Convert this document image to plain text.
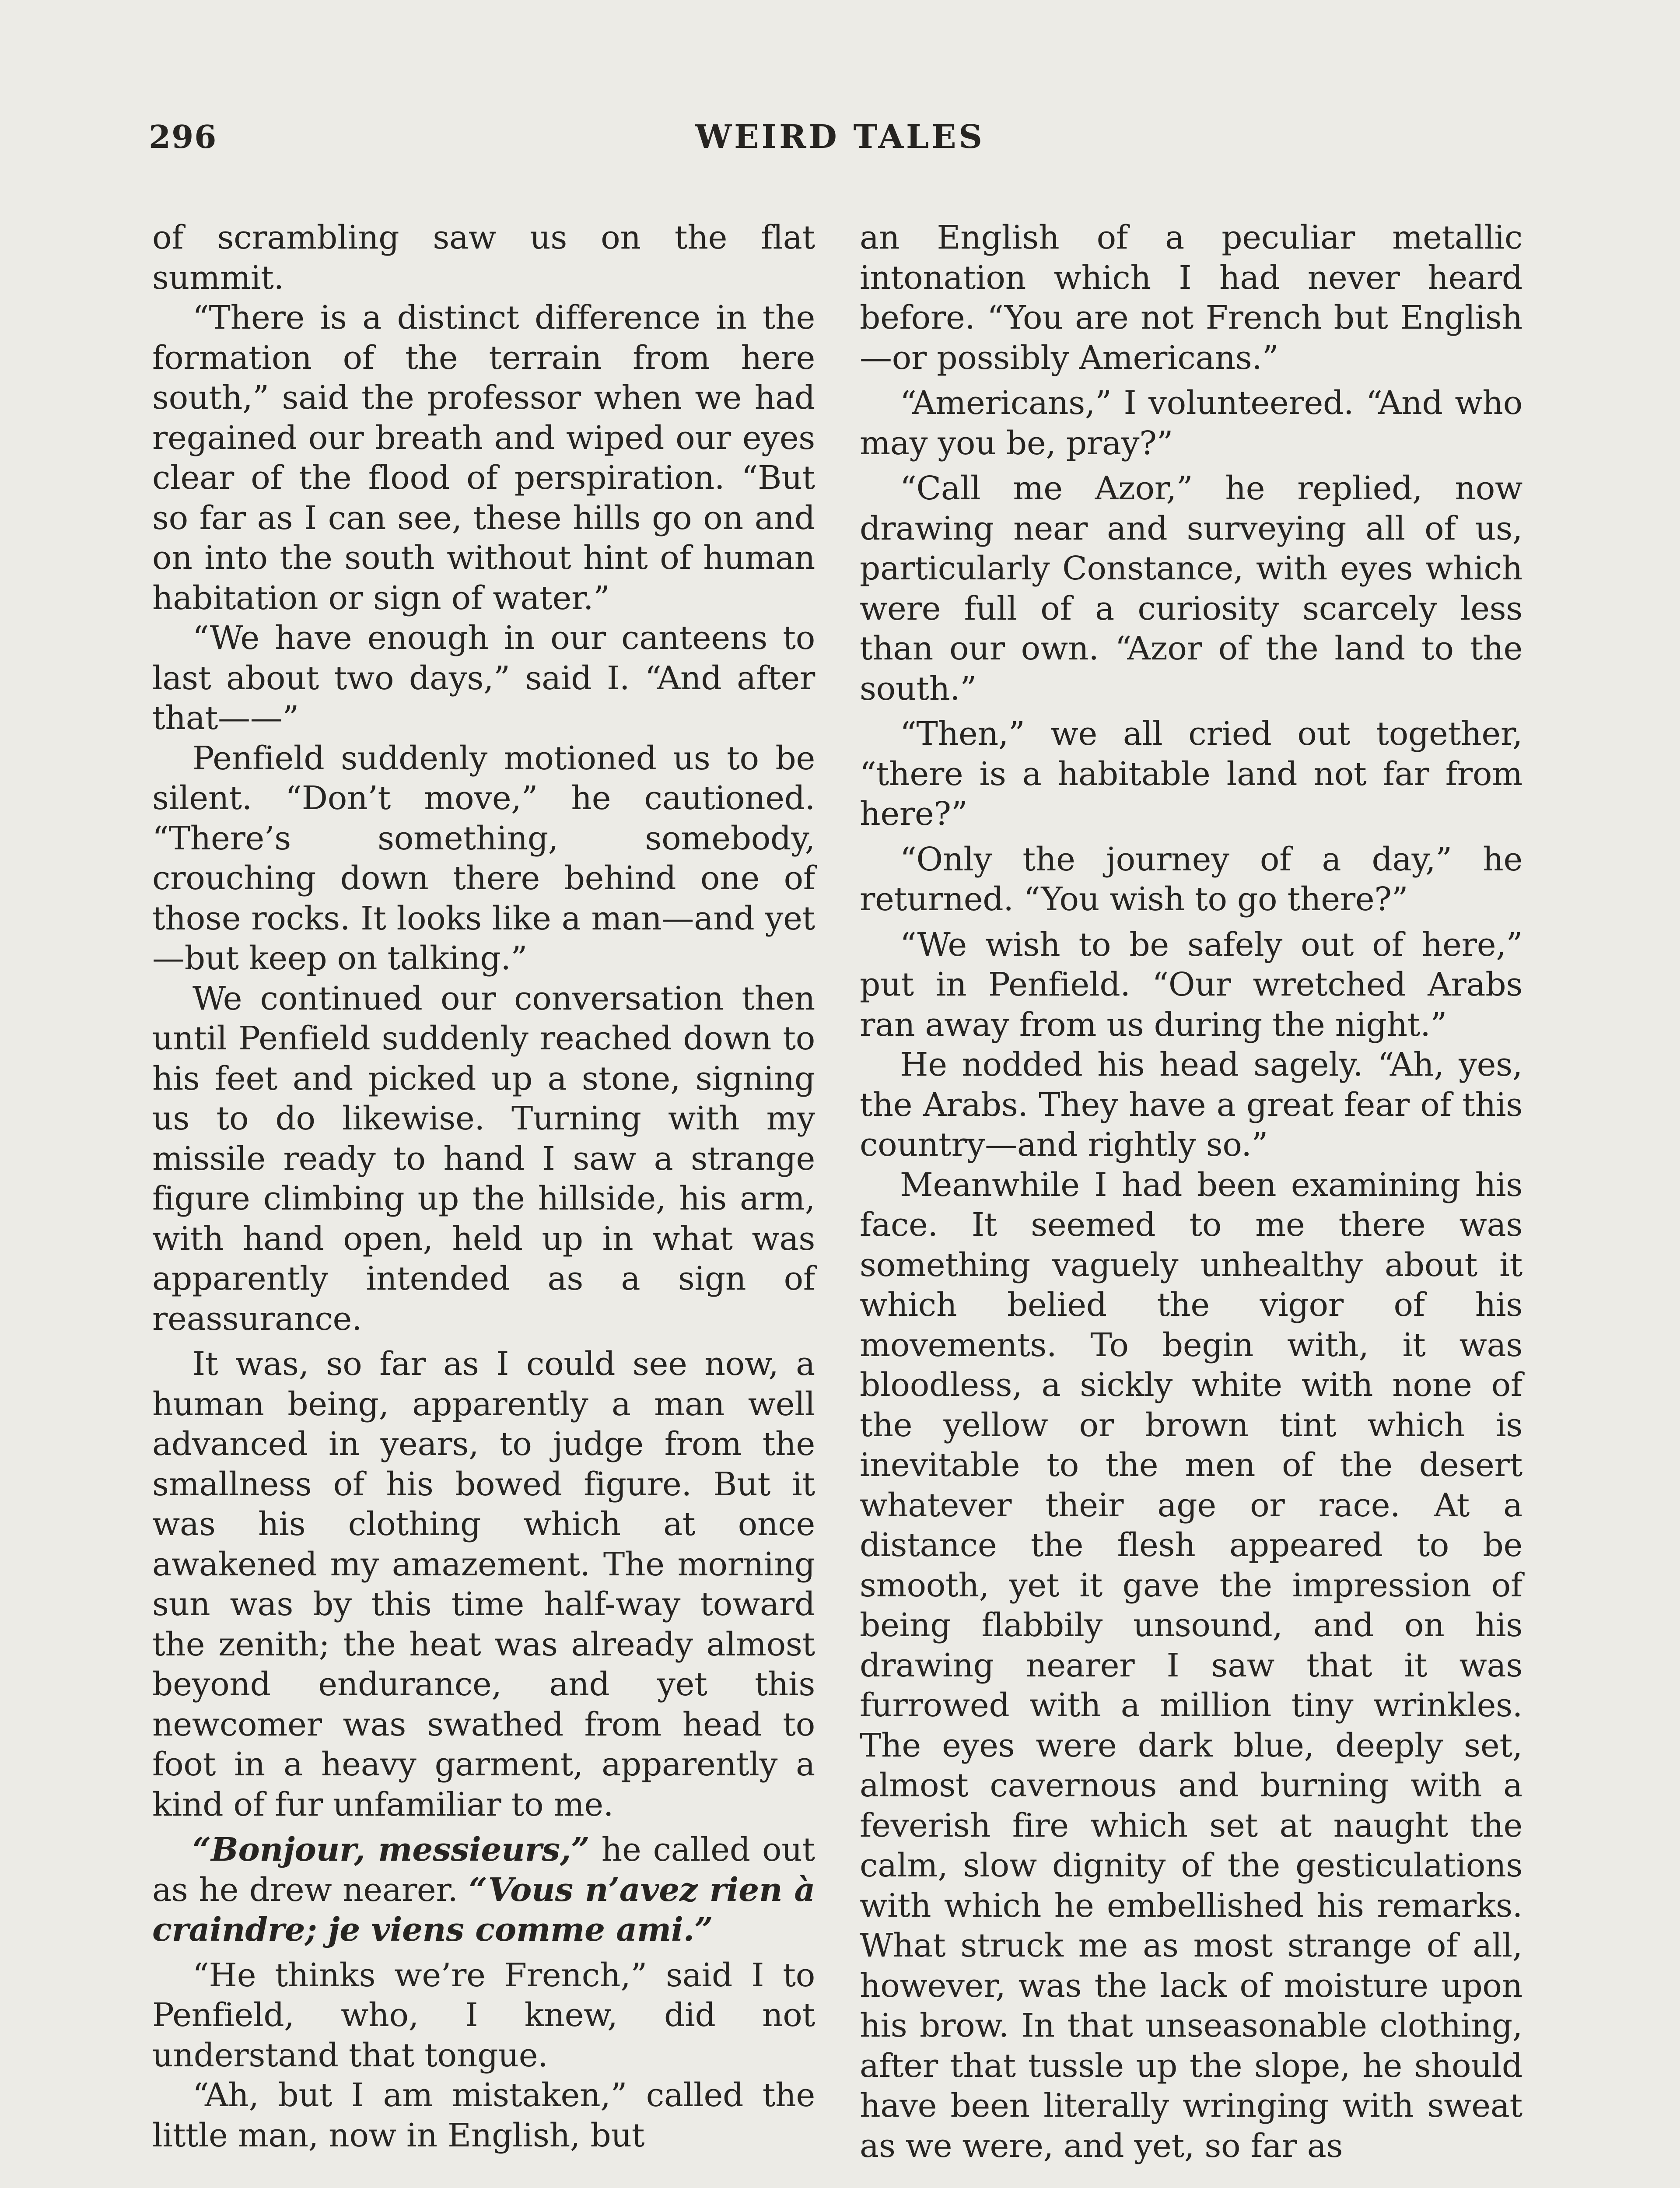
296	WEIRD TALES

of scrambling saw us on the flat summit.

“There is a distinct difference in the formation of the terrain from here south,” said the professor when we had regained our breath and wiped our eyes clear of the flood of perspiration. “But so far as I can see, these hills go on and on into the south without hint of human habitation or sign of water.”

“We have enough in our canteens to last about two days,” said I. “And after that——”

Penfield suddenly motioned us to be silent. “Don’t move,” he cautioned. “There’s something, somebody, crouching down there behind one of those rocks. It looks like a man—and yet—but keep on talking.”

We continued our conversation then until Penfield suddenly reached down to his feet and picked up a stone, signing us to do likewise. Turning with my missile ready to hand I saw a strange figure climbing up the hillside, his arm, with hand open, held up in what was apparently intended as a sign of reassurance.

It was, so far as I could see now, a human being, apparently a man well advanced in years, to judge from the smallness of his bowed figure. But it was his clothing which at once awakened my amazement. The morning sun was by this time half-way toward the zenith; the heat was already almost beyond endurance, and yet this newcomer was swathed from head to foot in a heavy garment, apparently a kind of fur unfamiliar to me.

“Bonjour, messieurs,” he called out as he drew nearer. “Vous n’avez rien à craindre; je viens comme ami.”

“He thinks we’re French,” said I to Penfield, who, I knew, did not understand that tongue.

“Ah, but I am mistaken,” called the little man, now in English, but

an English of a peculiar metallic intonation which I had never heard before. “You are not French but English—or possibly Americans.”

“Americans,” I volunteered. “And who may you be, pray?”

“Call me Azor,” he replied, now drawing near and surveying all of us, particularly Constance, with eyes which were full of a curiosity scarcely less than our own. “Azor of the land to the south.”

“Then,” we all cried out together, “there is a habitable land not far from here?”

“Only the journey of a day,” he returned. “You wish to go there?”

“We wish to be safely out of here,” put in Penfield. “Our wretched Arabs ran away from us during the night.”

He nodded his head sagely. “Ah, yes, the Arabs. They have a great fear of this country—and rightly so.”

Meanwhile I had been examining his face. It seemed to me there was something vaguely unhealthy about it which belied the vigor of his movements. To begin with, it was bloodless, a sickly white with none of the yellow or brown tint which is inevitable to the men of the desert whatever their age or race. At a distance the flesh appeared to be smooth, yet it gave the impression of being flabbily unsound, and on his drawing nearer I saw that it was furrowed with a million tiny wrinkles. The eyes were dark blue, deeply set, almost cavernous and burning with a feverish fire which set at naught the calm, slow dignity of the gesticulations with which he embellished his remarks. What struck me as most strange of all, however, was the lack of moisture upon his brow. In that unseasonable clothing, after that tussle up the slope, he should have been literally wringing with sweat as we were, and yet, so far as
